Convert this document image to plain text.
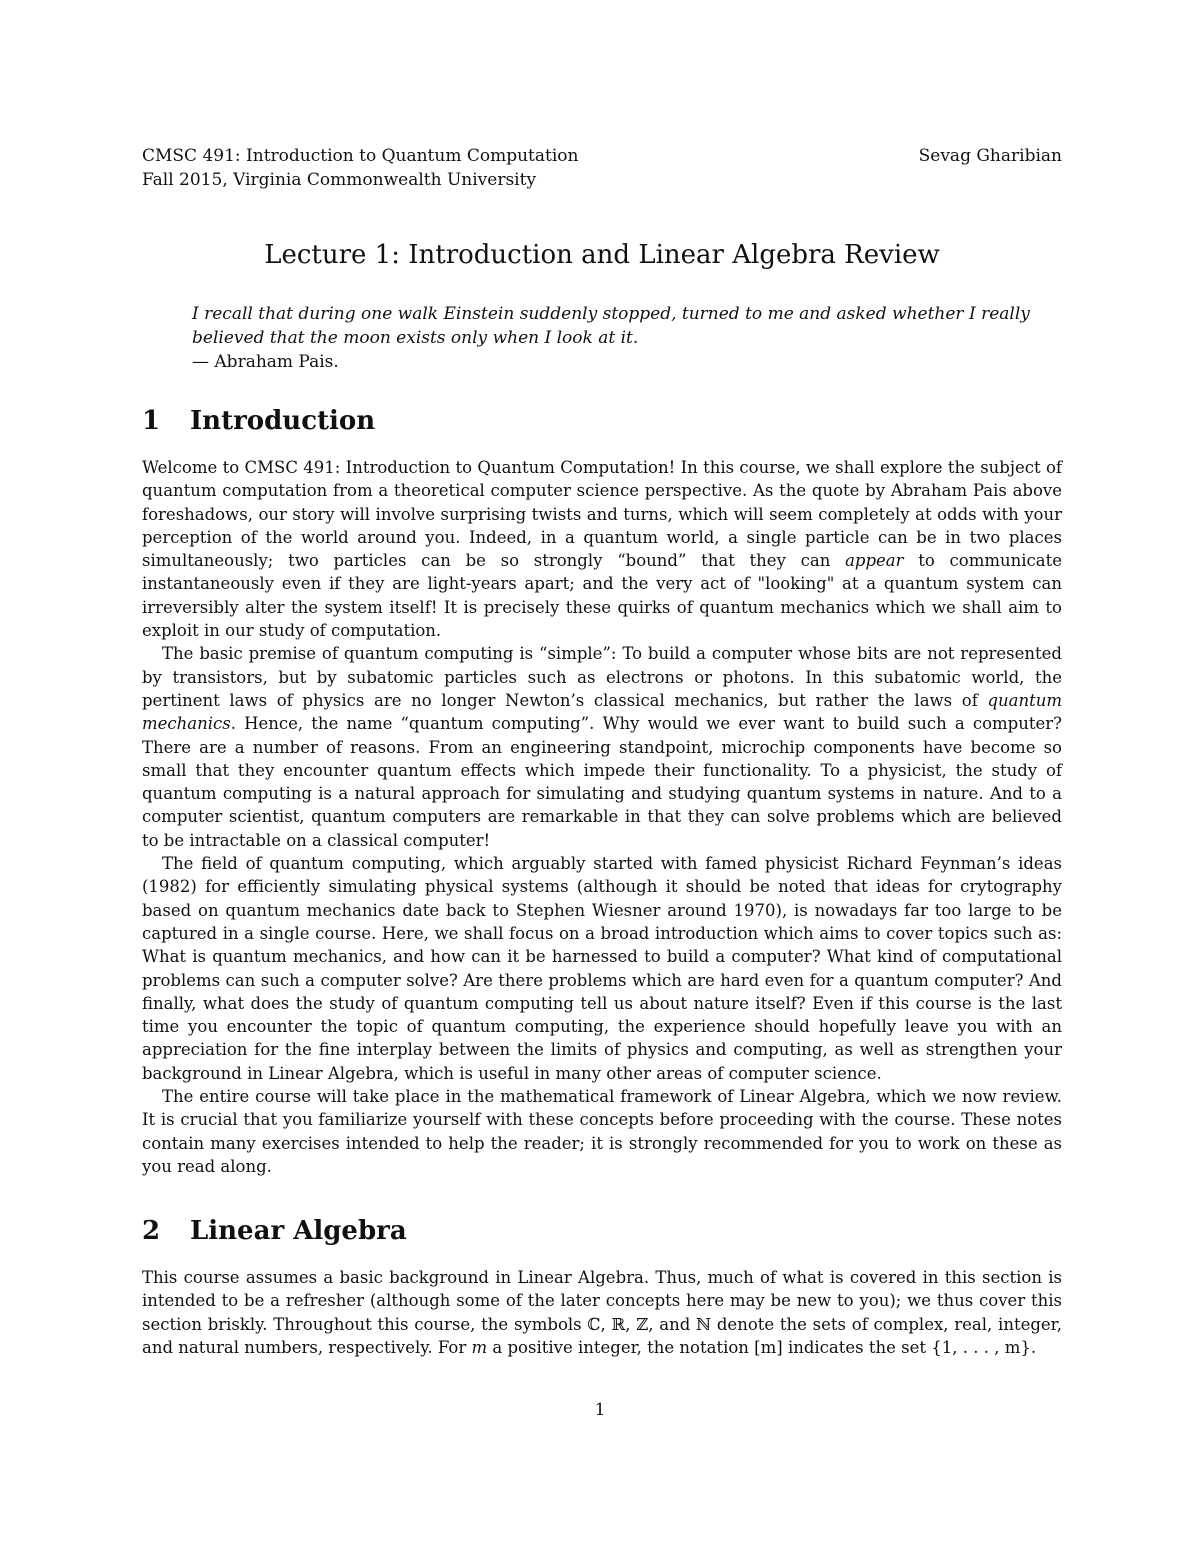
CMSC 491: Introduction to Quantum Computation	Sevag Gharibian
Fall 2015, Virginia Commonwealth University
Lecture 1: Introduction and Linear Algebra Review
I recall that during one walk Einstein suddenly stopped, turned to me and asked whether I really believed that the moon exists only when I look at it.
— Abraham Pais.
1 Introduction

Welcome to CMSC 491: Introduction to Quantum Computation! In this course, we shall explore the subject of quantum computation from a theoretical computer science perspective. As the quote by Abraham Pais above foreshadows, our story will involve surprising twists and turns, which will seem completely at odds with your perception of the world around you. Indeed, in a quantum world, a single particle can be in two places simultaneously; two particles can be so strongly “bound” that they can appear to communicate instantaneously even if they are light-years apart; and the very act of "looking" at a quantum system can irreversibly alter the system itself! It is precisely these quirks of quantum mechanics which we shall aim to exploit in our study of computation.

The basic premise of quantum computing is “simple”: To build a computer whose bits are not represented by transistors, but by subatomic particles such as electrons or photons. In this subatomic world, the pertinent laws of physics are no longer Newton’s classical mechanics, but rather the laws of quantum mechanics. Hence, the name “quantum computing”. Why would we ever want to build such a computer? There are a number of reasons. From an engineering standpoint, microchip components have become so small that they encounter quantum effects which impede their functionality. To a physicist, the study of quantum computing is a natural approach for simulating and studying quantum systems in nature. And to a computer scientist, quantum computers are remarkable in that they can solve problems which are believed to be intractable on a classical computer!

The field of quantum computing, which arguably started with famed physicist Richard Feynman’s ideas (1982) for efficiently simulating physical systems (although it should be noted that ideas for crytography based on quantum mechanics date back to Stephen Wiesner around 1970), is nowadays far too large to be captured in a single course. Here, we shall focus on a broad introduction which aims to cover topics such as: What is quantum mechanics, and how can it be harnessed to build a computer? What kind of computational problems can such a computer solve? Are there problems which are hard even for a quantum computer? And finally, what does the study of quantum computing tell us about nature itself? Even if this course is the last time you encounter the topic of quantum computing, the experience should hopefully leave you with an appreciation for the fine interplay between the limits of physics and computing, as well as strengthen your background in Linear Algebra, which is useful in many other areas of computer science.

The entire course will take place in the mathematical framework of Linear Algebra, which we now review. It is crucial that you familiarize yourself with these concepts before proceeding with the course. These notes contain many exercises intended to help the reader; it is strongly recommended for you to work on these as you read along.

2 Linear Algebra

This course assumes a basic background in Linear Algebra. Thus, much of what is covered in this section is intended to be a refresher (although some of the later concepts here may be new to you); we thus cover this section briskly. Throughout this course, the symbols ℂ, ℝ, ℤ, and ℕ denote the sets of complex, real, integer, and natural numbers, respectively. For m a positive integer, the notation [m] indicates the set {1, . . . , m}.

1
